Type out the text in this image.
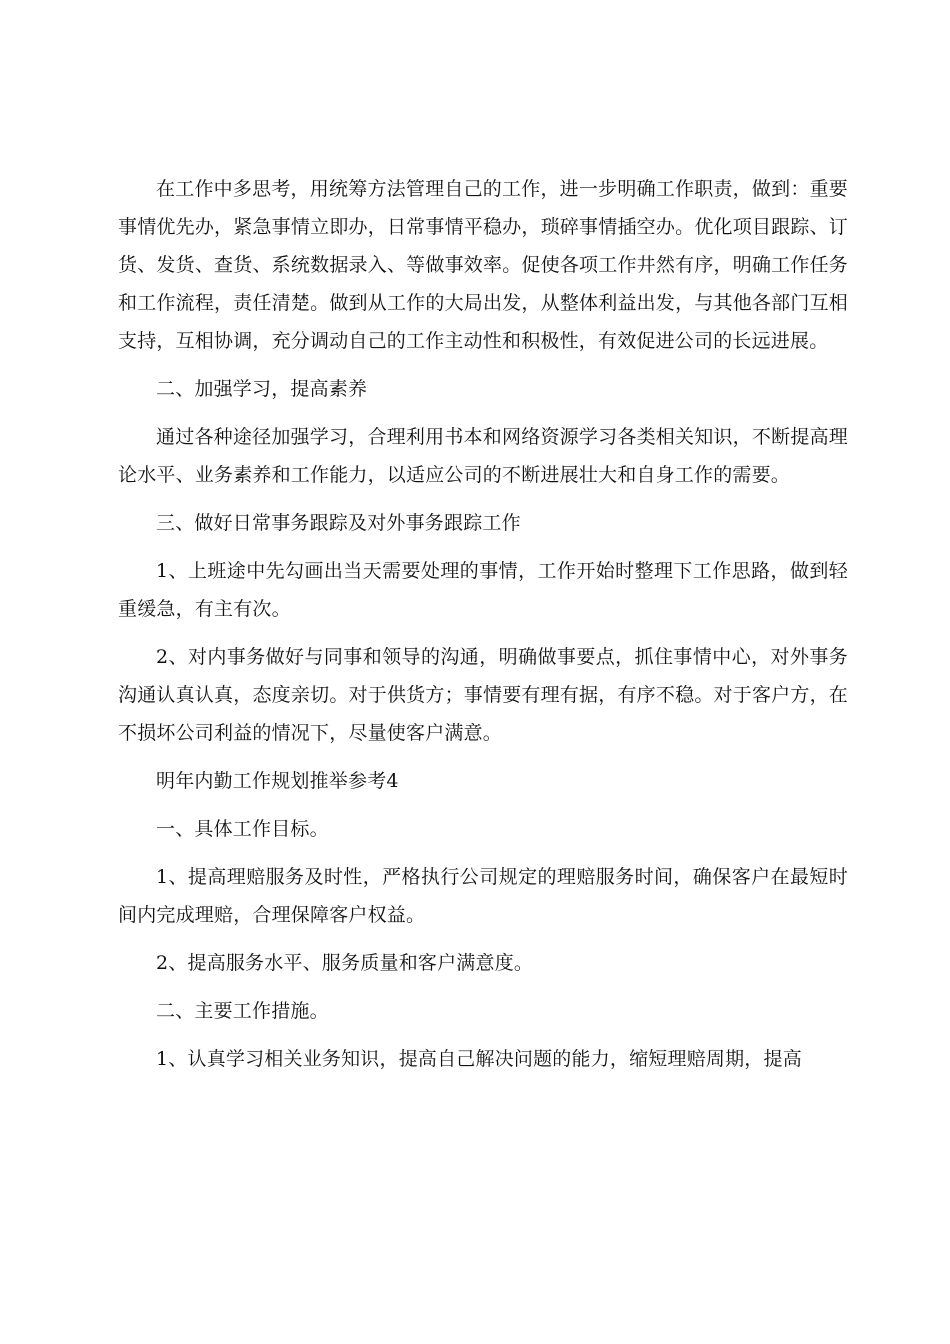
在工作中多思考，用统筹方法管理自己的工作，进一步明确工作职责，做到：重要事情优先办，紧急事情立即办，日常事情平稳办，琐碎事情插空办。优化项目跟踪、订货、发货、查货、系统数据录入、等做事效率。促使各项工作井然有序，明确工作任务和工作流程，责任清楚。做到从工作的大局出发，从整体利益出发，与其他各部门互相支持，互相协调，充分调动自己的工作主动性和积极性，有效促进公司的长远进展。

二、加强学习，提高素养

通过各种途径加强学习，合理利用书本和网络资源学习各类相关知识，不断提高理论水平、业务素养和工作能力，以适应公司的不断进展壮大和自身工作的需要。

三、做好日常事务跟踪及对外事务跟踪工作

1、上班途中先勾画出当天需要处理的事情，工作开始时整理下工作思路，做到轻重缓急，有主有次。

2、对内事务做好与同事和领导的沟通，明确做事要点，抓住事情中心，对外事务沟通认真认真，态度亲切。对于供货方；事情要有理有据，有序不稳。对于客户方，在不损坏公司利益的情况下，尽量使客户满意。

明年内勤工作规划推举参考4

一、具体工作目标。

1、提高理赔服务及时性，严格执行公司规定的理赔服务时间，确保客户在最短时间内完成理赔，合理保障客户权益。

2、提高服务水平、服务质量和客户满意度。

二、主要工作措施。

1、认真学习相关业务知识，提高自己解决问题的能力，缩短理赔周期，提高
